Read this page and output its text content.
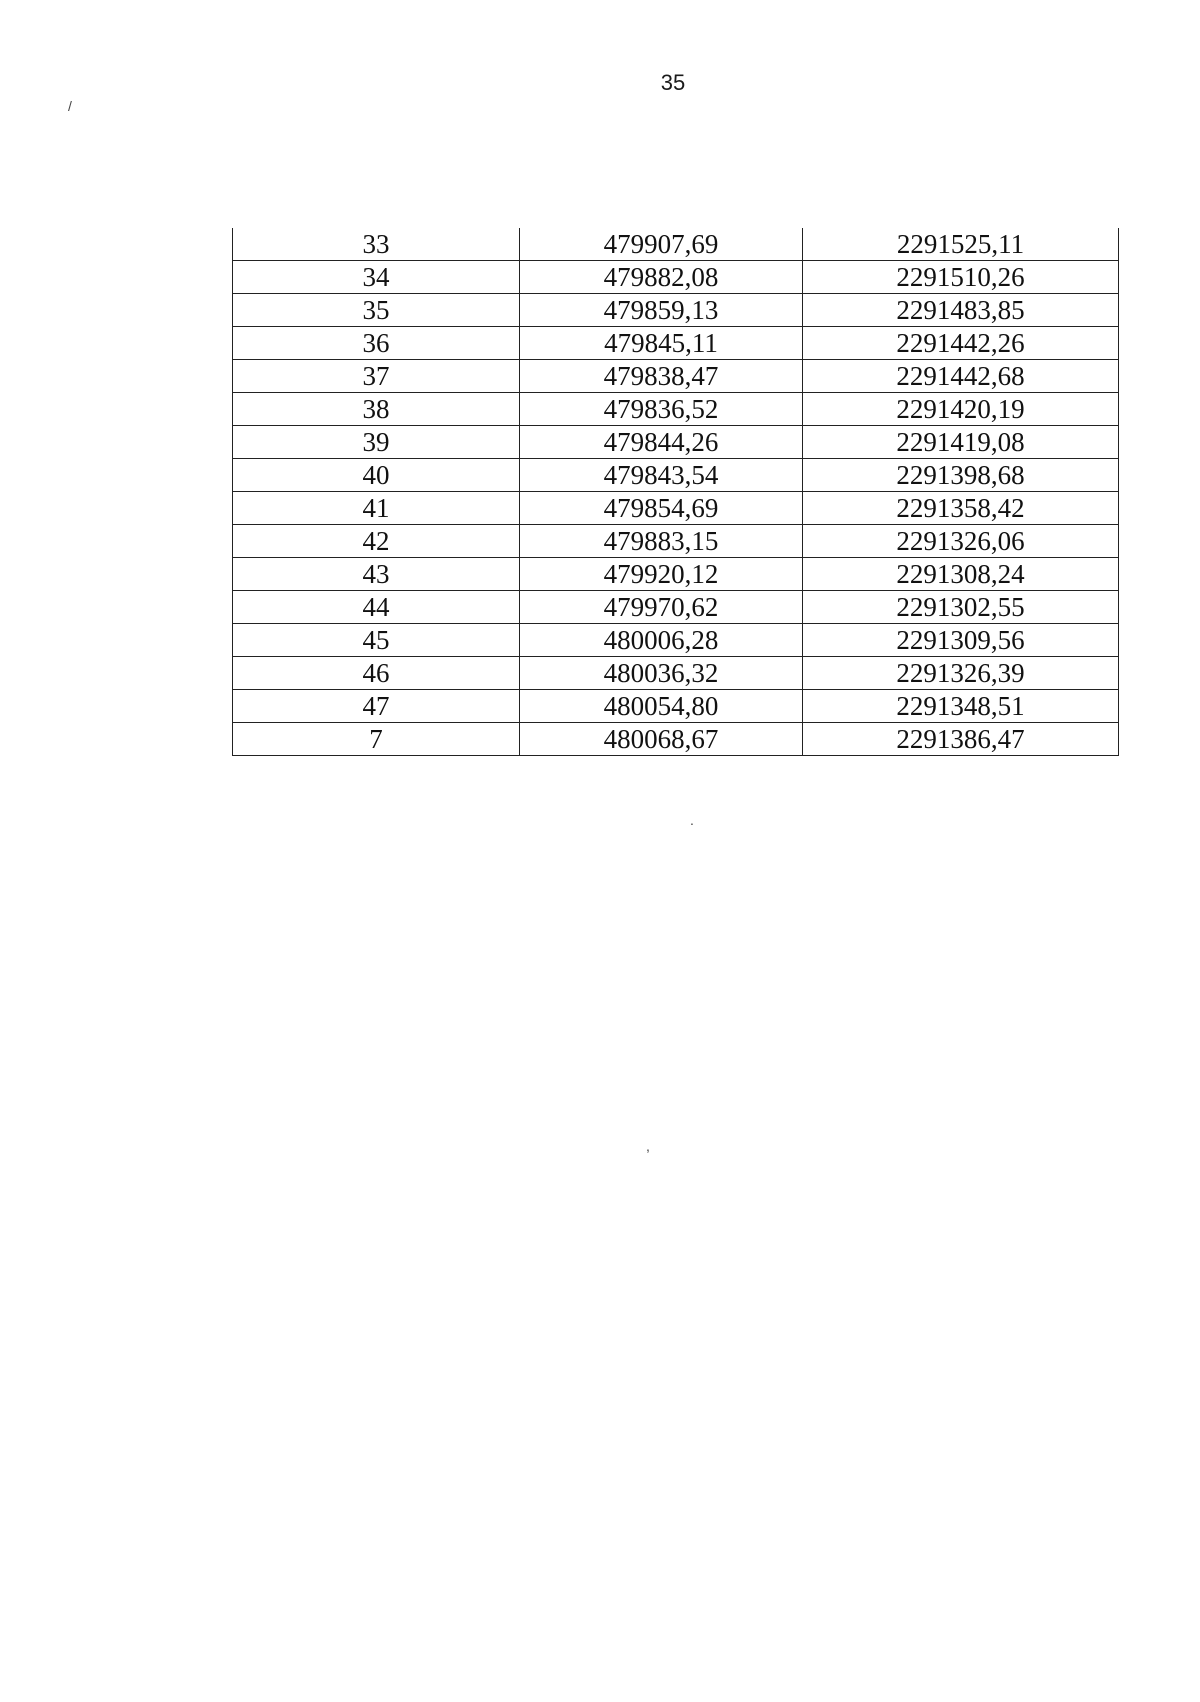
35
/
.
,
33	479907,69	2291525,11
34	479882,08	2291510,26
35	479859,13	2291483,85
36	479845,11	2291442,26
37	479838,47	2291442,68
38	479836,52	2291420,19
39	479844,26	2291419,08
40	479843,54	2291398,68
41	479854,69	2291358,42
42	479883,15	2291326,06
43	479920,12	2291308,24
44	479970,62	2291302,55
45	480006,28	2291309,56
46	480036,32	2291326,39
47	480054,80	2291348,51
7	480068,67	2291386,47
